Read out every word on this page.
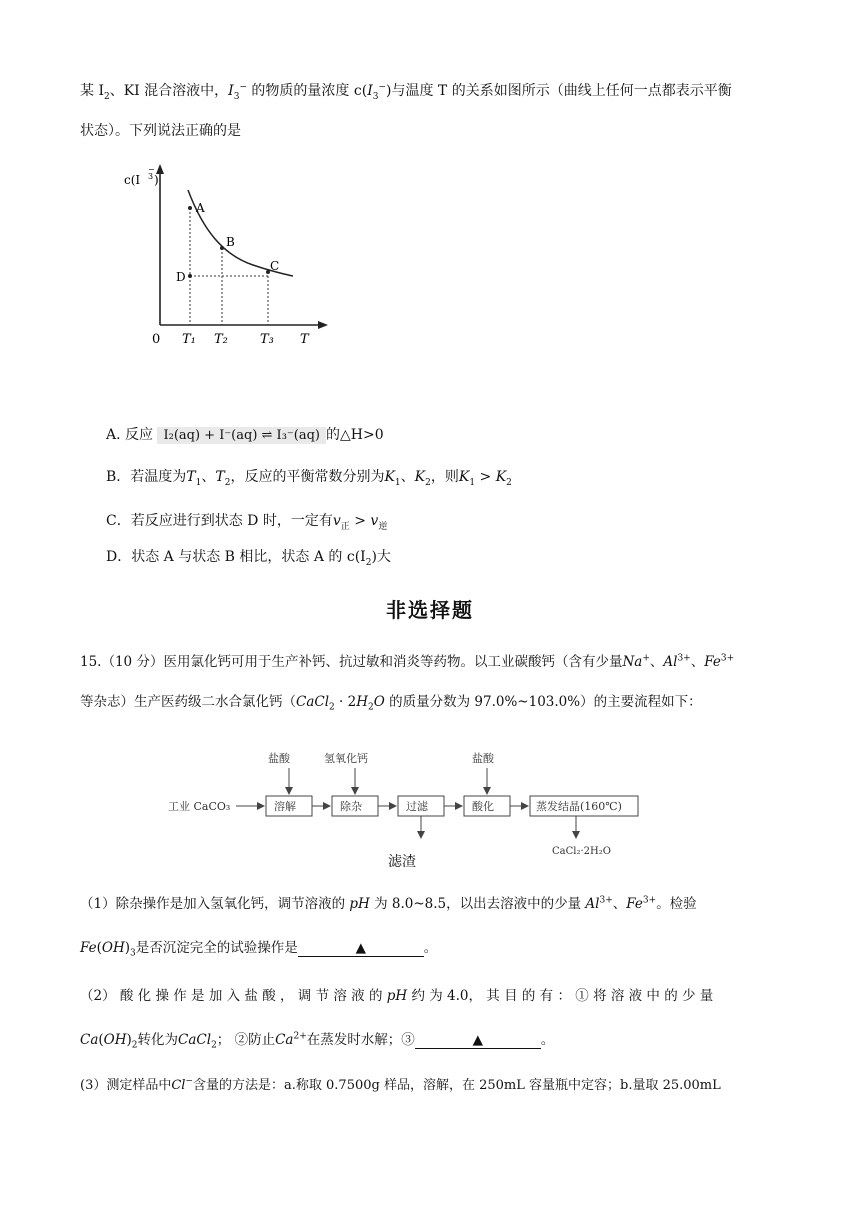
某 $I_2$、KI 混合溶液中，$I_3^-$ 的物质的量浓度 $c(I_3^-)$与温度 T 的关系如图所示（曲线上任何一点都表示平衡
状态）。下列说法正确的是
c(I 3
−
)
A
B
C
D
0 T₁ T₂ T₃ T
A. 反应 I₂(aq) + I⁻(aq) ⇌ I₃⁻(aq) 的△H>0
B．若温度为$T_1$、$T_2$，反应的平衡常数分别为$K_1$、$K_2$，则$K_1 > K_2$
C．若反应进行到状态 D 时，一定有$v_正 > v_逆$
D．状态 A 与状态 B 相比，状态 A 的 $c(I_2)$大
非选择题
15.（10 分）医用氯化钙可用于生产补钙、抗过敏和消炎等药物。以工业碳酸钙（含有少量Na+、$Al^{3+}$、$Fe^{3+}$
等杂志）生产医药级二水合氯化钙（CaCl$_2$ · $2H_2O$ 的质量分数为 97.0%~103.0%）的主要流程如下：
工业 CaCO₃	溶解
盐酸
除杂
氢氧化钙
过滤	酸化
盐酸
蒸发结晶(160℃)
CaCl₂·2H₂O
滤渣
（1）除杂操作是加入氢氧化钙，调节溶液的 pH 为 8.0~8.5，以出去溶液中的少量 $Al^{3+}$、$Fe^{3+}$。检验
$Fe(OH)_3$是否沉淀完全的试验操作是	▲	。
（2） 酸 化 操 作 是 加 入 盐 酸 ， 调 节 溶 液 的 pH 约 为 4.0， 其 目 的 有 ： ① 将 溶 液 中 的 少 量
$Ca(OH)_2$转化为CaCl$_2$； ②防止$Ca^{2+}$在蒸发时水解；③	▲	。
(3）测定样品中Cl−含量的方法是：a.称取 0.7500g 样品，溶解，在 250mL 容量瓶中定容；b.量取 25.00mL
